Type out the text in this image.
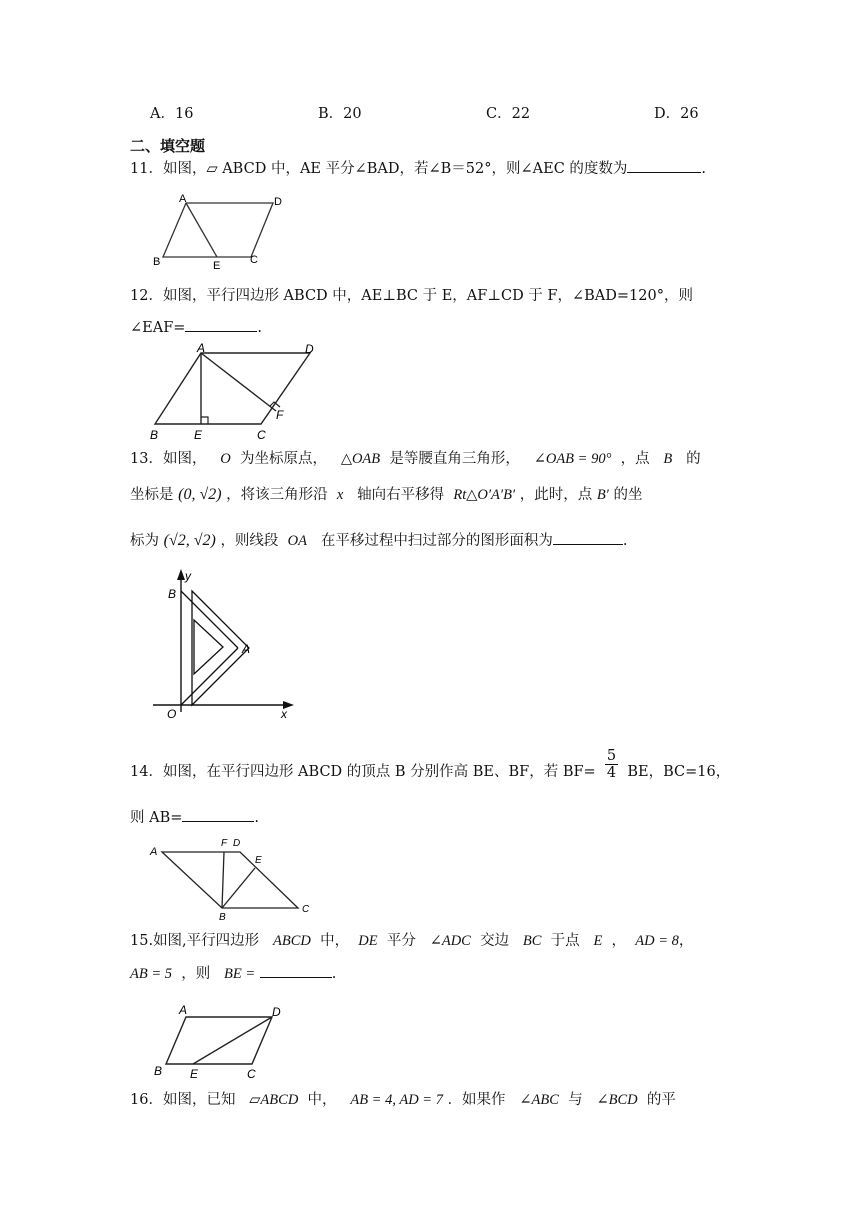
A．16	B．20	C．22	D．26
二、填空题
11．如图，▱ ABCD 中，AE 平分∠BAD，若∠B＝52°，则∠AEC 的度数为	.
A	D
B	E	C
12．如图，平行四边形 ABCD 中，AE⊥BC 于 E，AF⊥CD 于 F，∠BAD=120°，则
∠EAF=	.
A	D
B	E	C
F
13．如图， O 为坐标原点， △OAB 是等腰直角三角形， ∠OAB = 90° ，点 B 的
坐标是 (0, √2) ，将该三角形沿 x 轴向右平移得 Rt△O′A′B′ ，此时，点 B′ 的坐
标为 (√2, √2) ，则线段 OA 在平移过程中扫过部分的图形面积为	.
y
x
B
A
O
14．如图，在平行四边形 ABCD 的顶点 B 分别作高 BE、BF，若 $BF= \frac{5}{4}$ BE，BC=16，
则 AB=	.
A
F D
E
B
C
15.如图,平行四边形 ABCD 中， DE 平分 ∠ADC 交边 BC 于点 E ， AD = 8，
AB = 5 ，则 BE =	.
A	D
B E	C
16．如图，已知 ▱ABCD 中， AB = 4, AD = 7 ．如果作 ∠ABC 与 ∠BCD 的平
